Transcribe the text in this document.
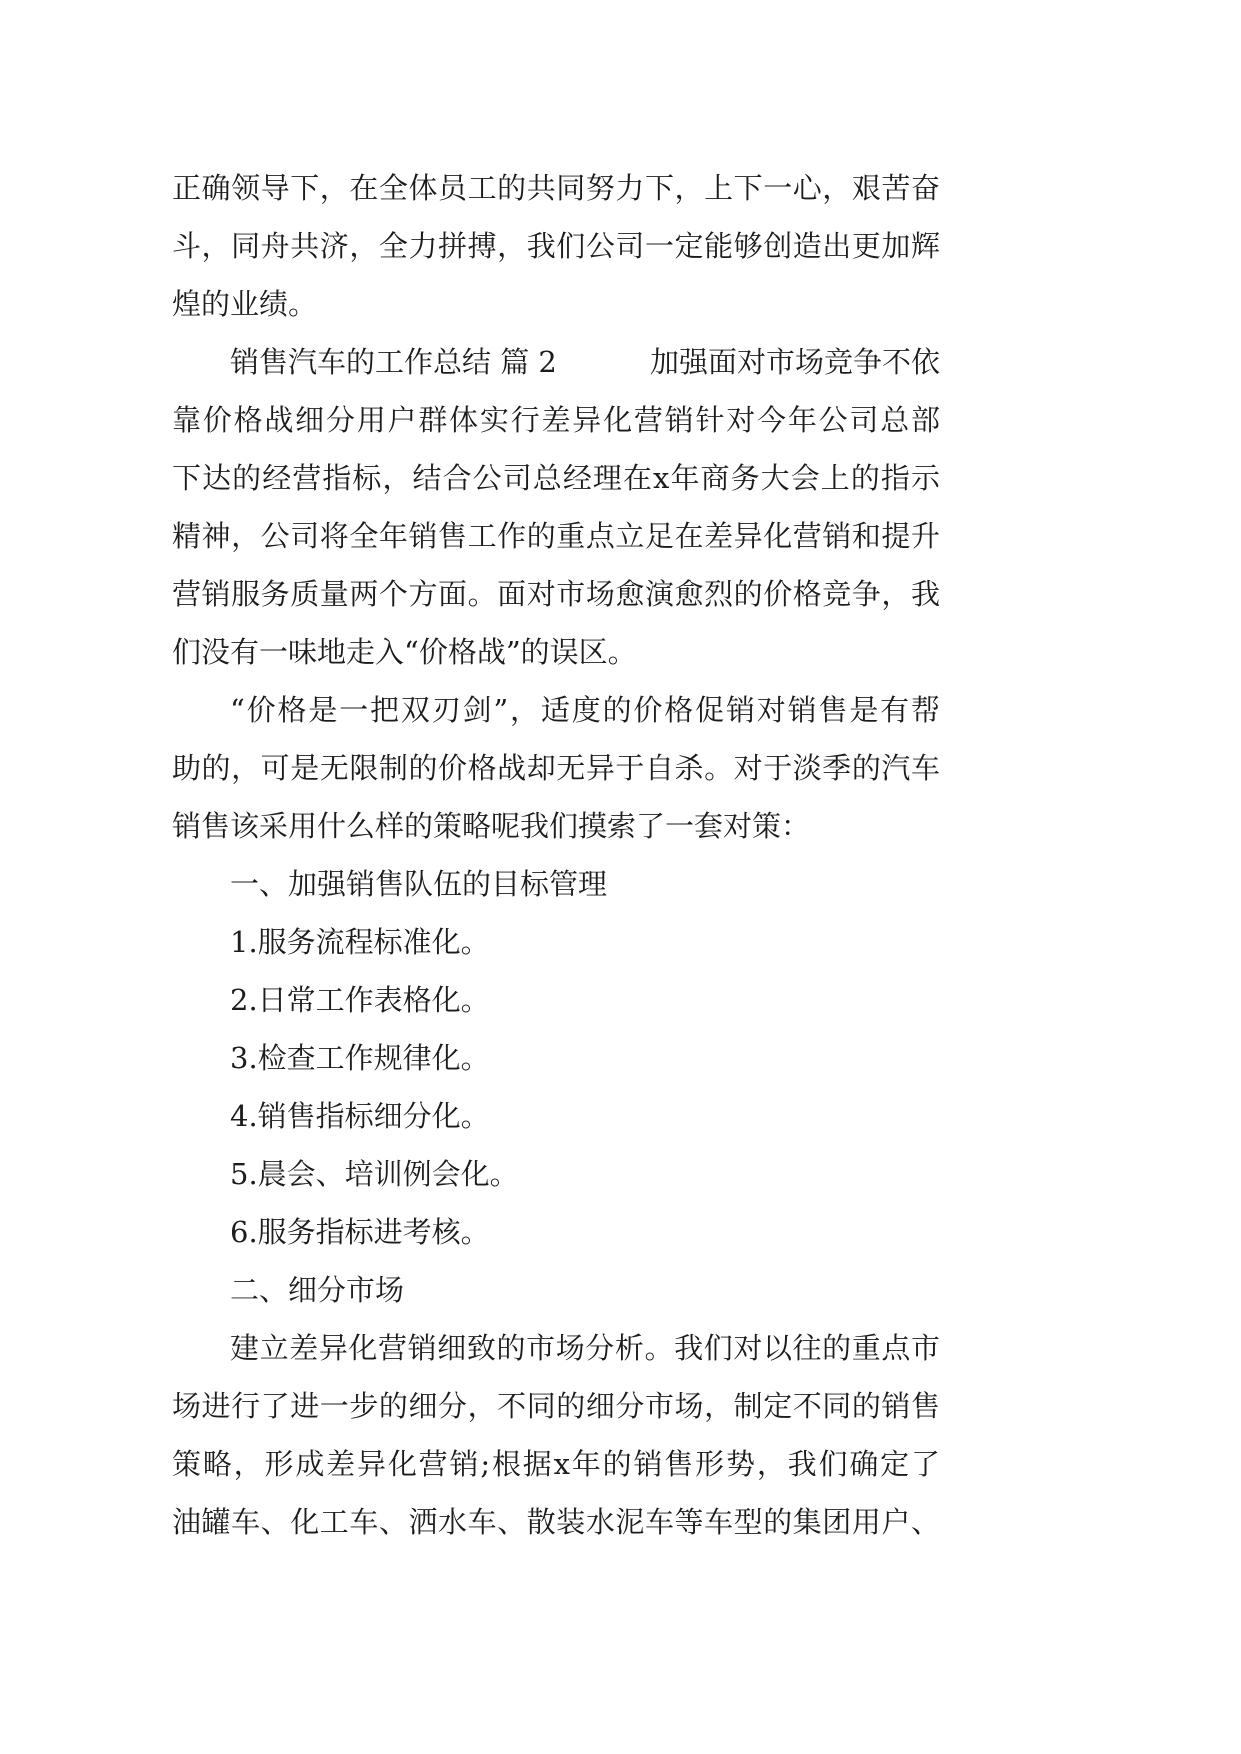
正确领导下，在全体员工的共同努力下，上下一心，艰苦奋
斗，同舟共济，全力拼搏，我们公司一定能够创造出更加辉
煌的业绩。
销售汽车的工作总结 篇 2	加强面对市场竞争不依
靠价格战细分用户群体实行差异化营销针对今年公司总部
下达的经营指标，结合公司总经理在x年商务大会上的指示
精神，公司将全年销售工作的重点立足在差异化营销和提升
营销服务质量两个方面。面对市场愈演愈烈的价格竞争，我
们没有一味地走入“价格战”的误区。
“价格是一把双刃剑”，适度的价格促销对销售是有帮
助的，可是无限制的价格战却无异于自杀。对于淡季的汽车
销售该采用什么样的策略呢我们摸索了一套对策：
一、加强销售队伍的目标管理
1.服务流程标准化。
2.日常工作表格化。
3.检查工作规律化。
4.销售指标细分化。
5.晨会、培训例会化。
6.服务指标进考核。
二、细分市场
建立差异化营销细致的市场分析。我们对以往的重点市
场进行了进一步的细分，不同的细分市场，制定不同的销售
策略，形成差异化营销;根据x年的销售形势，我们确定了
油罐车、化工车、洒水车、散装水泥车等车型的集团用户、
